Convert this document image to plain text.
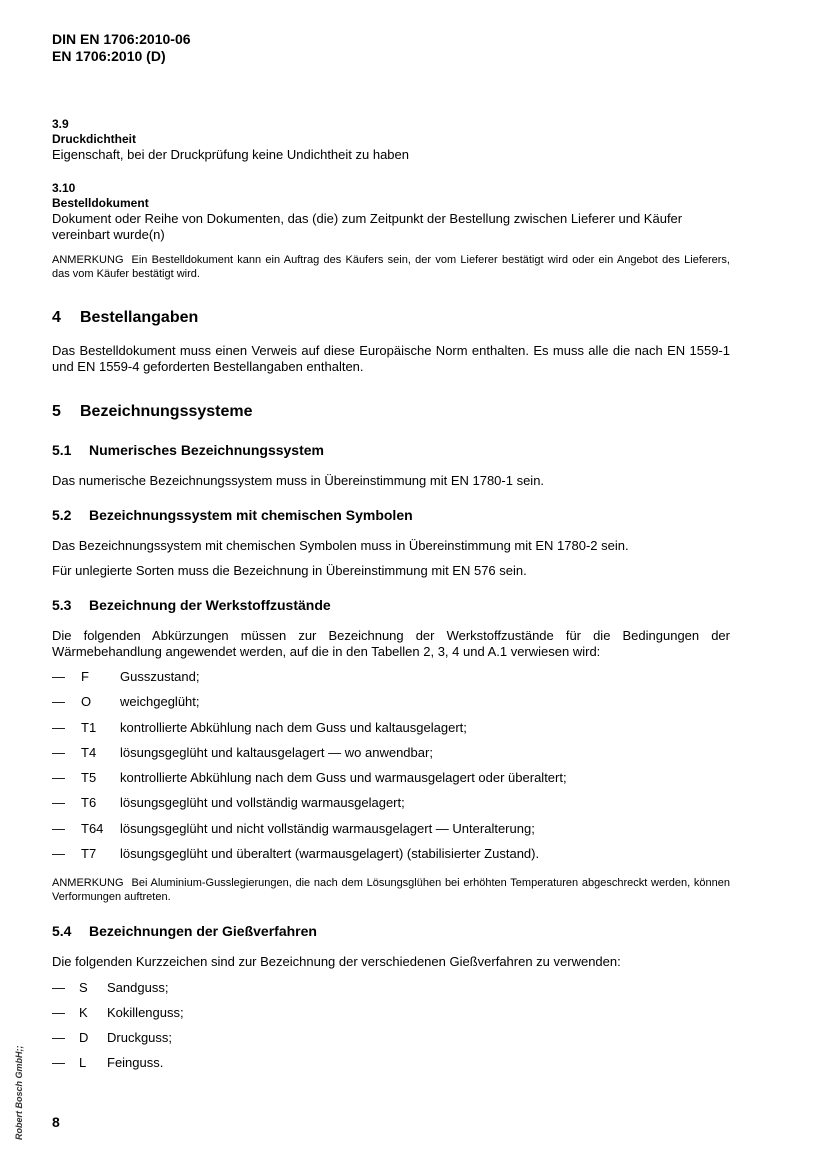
DIN EN 1706:2010-06
EN 1706:2010 (D)
3.9
Druckdichtheit
Eigenschaft, bei der Druckprüfung keine Undichtheit zu haben
3.10
Bestelldokument
Dokument oder Reihe von Dokumenten, das (die) zum Zeitpunkt der Bestellung zwischen Lieferer und Käufer vereinbart wurde(n)
ANMERKUNG Ein Bestelldokument kann ein Auftrag des Käufers sein, der vom Lieferer bestätigt wird oder ein Angebot des Lieferers, das vom Käufer bestätigt wird.
4 Bestellangaben
Das Bestelldokument muss einen Verweis auf diese Europäische Norm enthalten. Es muss alle die nach EN 1559-1 und EN 1559-4 geforderten Bestellangaben enthalten.
5 Bezeichnungssysteme
5.1 Numerisches Bezeichnungssystem
Das numerische Bezeichnungssystem muss in Übereinstimmung mit EN 1780-1 sein.
5.2 Bezeichnungssystem mit chemischen Symbolen
Das Bezeichnungssystem mit chemischen Symbolen muss in Übereinstimmung mit EN 1780-2 sein.
Für unlegierte Sorten muss die Bezeichnung in Übereinstimmung mit EN 576 sein.
5.3 Bezeichnung der Werkstoffzustände
Die folgenden Abkürzungen müssen zur Bezeichnung der Werkstoffzustände für die Bedingungen der Wärmebehandlung angewendet werden, auf die in den Tabellen 2, 3, 4 und A.1 verwiesen wird:
— F Gusszustand;
— O weichgeglüht;
— T1 kontrollierte Abkühlung nach dem Guss und kaltausgelagert;
— T4 lösungsgeglüht und kaltausgelagert — wo anwendbar;
— T5 kontrollierte Abkühlung nach dem Guss und warmausgelagert oder überaltert;
— T6 lösungsgeglüht und vollständig warmausgelagert;
— T64 lösungsgeglüht und nicht vollständig warmausgelagert — Unteralterung;
— T7 lösungsgeglüht und überaltert (warmausgelagert) (stabilisierter Zustand).
ANMERKUNG Bei Aluminium-Gusslegierungen, die nach dem Lösungsglühen bei erhöhten Temperaturen abgeschreckt werden, können Verformungen auftreten.
5.4 Bezeichnungen der Gießverfahren
Die folgenden Kurzzeichen sind zur Bezeichnung der verschiedenen Gießverfahren zu verwenden:
— S Sandguss;
— K Kokillenguss;
— D Druckguss;
— L Feinguss.
8
Robert Bosch GmbH;;
